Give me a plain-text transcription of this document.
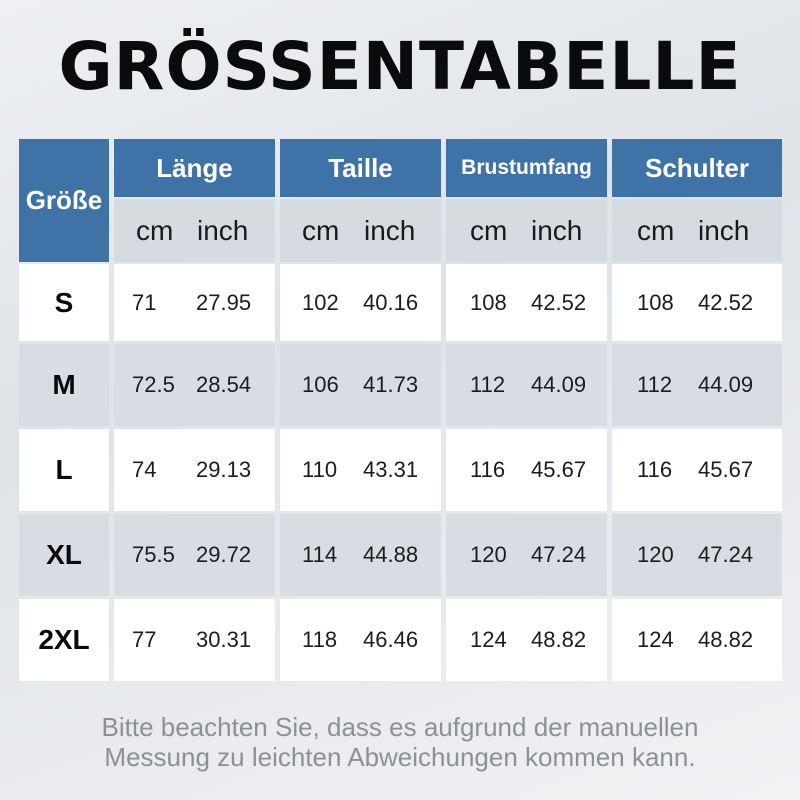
GRÖSSENTABELLE
Größe
Länge	Taille	Brustumfang Schulter
cm inch cm inch cm inch cm inch
S	71 27.95 102 40.16 108 42.52 108 42.52
M	72.5 28.54 106 41.73 112 44.09 112 44.09
L	74 29.13 110 43.31 116 45.67 116 45.67
XL 75.5 29.72 114 44.88 120 47.24 120 47.24
2XL 77 30.31 118 46.46 124 48.82 124 48.82
Bitte beachten Sie, dass es aufgrund der manuellen
Messung zu leichten Abweichungen kommen kann.
